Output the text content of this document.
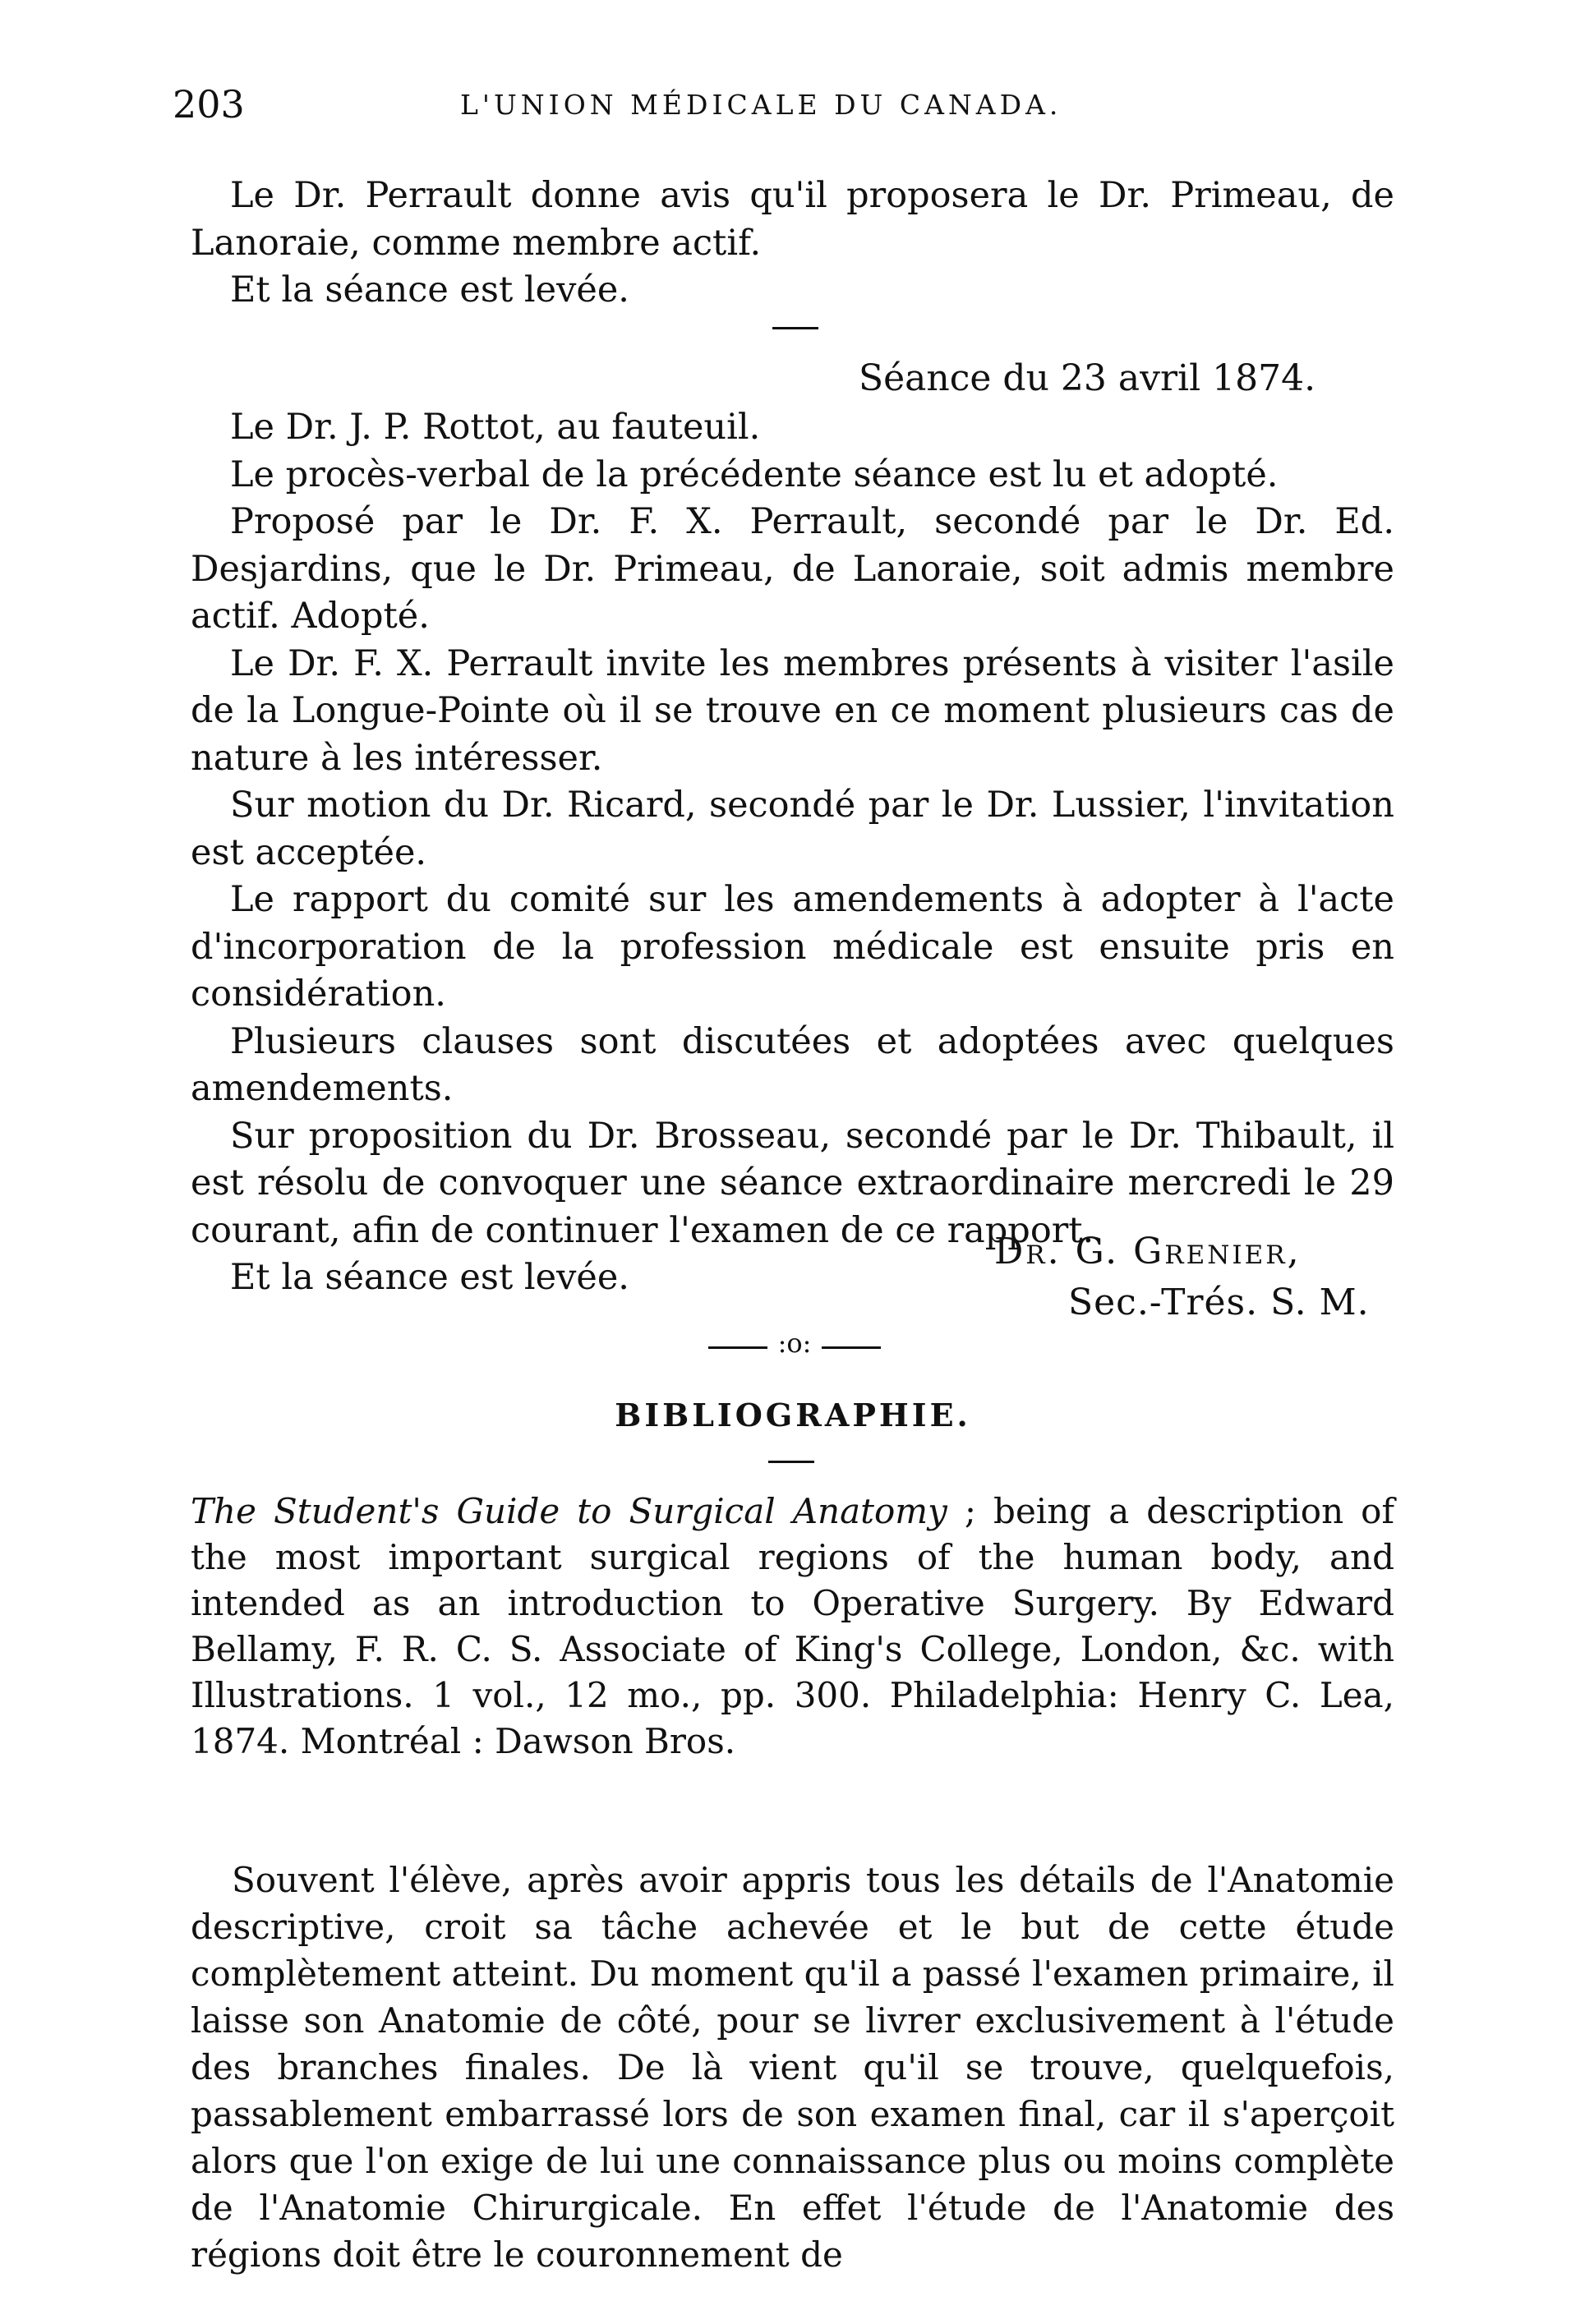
203	L'UNION MÉDICALE DU CANADA.

Le Dr. Perrault donne avis qu'il proposera le Dr. Primeau, de Lanoraie, comme membre actif.

Et la séance est levée.

Séance du 23 avril 1874.

Le Dr. J. P. Rottot, au fauteuil.

Le procès-verbal de la précédente séance est lu et adopté.

Proposé par le Dr. F. X. Perrault, secondé par le Dr. Ed. Desjardins, que le Dr. Primeau, de Lanoraie, soit admis membre actif. Adopté.

Le Dr. F. X. Perrault invite les membres présents à visiter l'asile de la Longue-Pointe où il se trouve en ce moment plusieurs cas de nature à les intéresser.

Sur motion du Dr. Ricard, secondé par le Dr. Lussier, l'invitation est acceptée.

Le rapport du comité sur les amendements à adopter à l'acte d'incorporation de la profession médicale est ensuite pris en considération.

Plusieurs clauses sont discutées et adoptées avec quelques amendements.

Sur proposition du Dr. Brosseau, secondé par le Dr. Thibault, il est résolu de convoquer une séance extraordinaire mercredi le 29 courant, afin de continuer l'examen de ce rapport.

Et la séance est levée.

Dr. G. Grenier,
Sec.-Trés. S. M.
:o:
BIBLIOGRAPHIE.

The Student's Guide to Surgical Anatomy ; being a description of the most important surgical regions of the human body, and intended as an introduction to Operative Surgery. By Edward Bellamy, F. R. C. S. Associate of King's College, London, &c. with Illustrations. 1 vol., 12 mo., pp. 300. Philadelphia: Henry C. Lea, 1874. Montréal : Dawson Bros.

Souvent l'élève, après avoir appris tous les détails de l'Anatomie descriptive, croit sa tâche achevée et le but de cette étude complètement atteint. Du moment qu'il a passé l'examen primaire, il laisse son Anatomie de côté, pour se livrer exclusivement à l'étude des branches finales. De là vient qu'il se trouve, quelquefois, passablement embarrassé lors de son examen final, car il s'aperçoit alors que l'on exige de lui une connaissance plus ou moins complète de l'Anatomie Chirurgicale. En effet l'étude de l'Anatomie des régions doit être le couronnement de
